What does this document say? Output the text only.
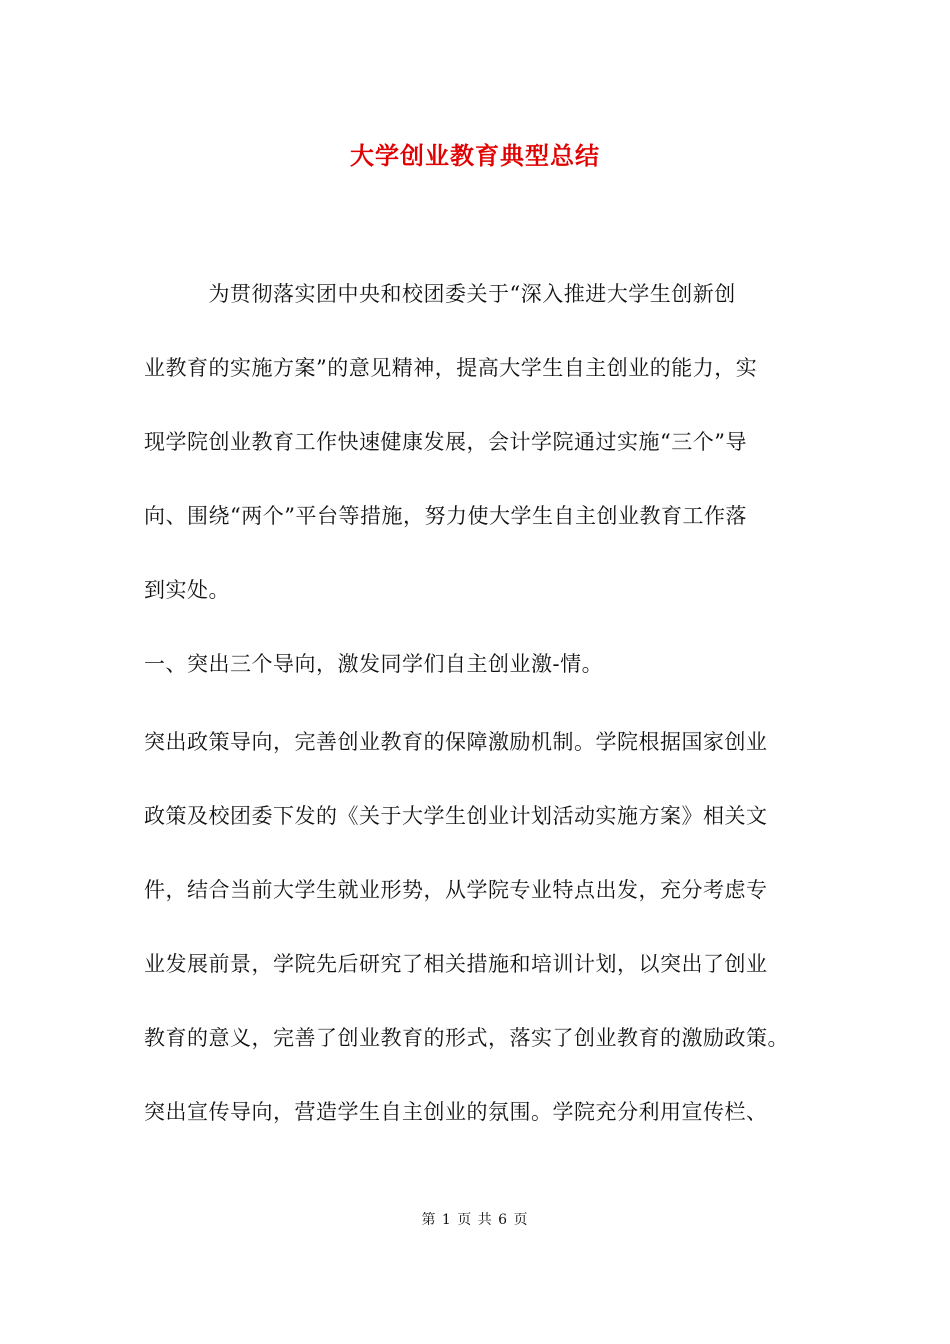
大学创业教育典型总结
　　　为贯彻落实团中央和校团委关于“深入推进大学生创新创
业教育的实施方案”的意见精神，提高大学生自主创业的能力，实
现学院创业教育工作快速健康发展，会计学院通过实施“三个”导
向、围绕“两个”平台等措施，努力使大学生自主创业教育工作落
到实处。
一、突出三个导向，激发同学们自主创业激-情。
突出政策导向，完善创业教育的保障激励机制。学院根据国家创业
政策及校团委下发的《关于大学生创业计划活动实施方案》相关文
件，结合当前大学生就业形势，从学院专业特点出发，充分考虑专
业发展前景，学院先后研究了相关措施和培训计划，以突出了创业
教育的意义，完善了创业教育的形式，落实了创业教育的激励政策。
突出宣传导向，营造学生自主创业的氛围。学院充分利用宣传栏、
第 1 页 共 6 页
